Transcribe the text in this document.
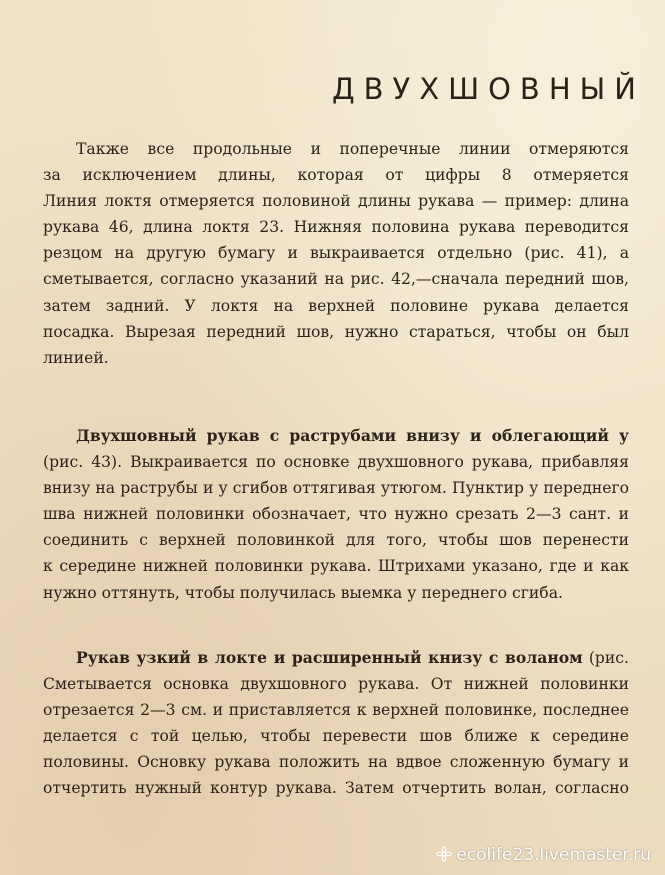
ДВУХШОВНЫЙ
Также все продольные и поперечные линии отмеряются
за исключением длины, которая от цифры 8 отмеряется
Линия локтя отмеряется половиной длины рукава — пример: длина
рукава 46, длина локтя 23. Нижняя половина рукава переводится
резцом на другую бумагу и выкраивается отдельно (рис. 41), а
сметывается, согласно указаний на рис. 42,—сначала передний шов,
затем задний. У локтя на верхней половине рукава делается
посадка. Вырезая передний шов, нужно стараться, чтобы он был
линией.
Двухшовный рукав с раструбами внизу и облегающий у
(рис. 43). Выкраивается по основке двухшовного рукава, прибавляя
внизу на раструбы и у сгибов оттягивая утюгом. Пунктир у переднего
шва нижней половинки обозначает, что нужно срезать 2—3 сант. и
соединить с верхней половинкой для того, чтобы шов перенести
к середине нижней половинки рукава. Штрихами указано, где и как
нужно оттянуть, чтобы получилась выемка у переднего сгиба.
Рукав узкий в локте и расширенный книзу с воланом (рис.
Сметывается основка двухшовного рукава. От нижней половинки
отрезается 2—3 см. и приставляется к верхней половинке, последнее
делается с той целью, чтобы перевести шов ближе к середине
половины. Основку рукава положить на вдвое сложенную бумагу и
отчертить нужный контур рукава. Затем отчертить волан, согласно
ecolife23.livemaster.ru
